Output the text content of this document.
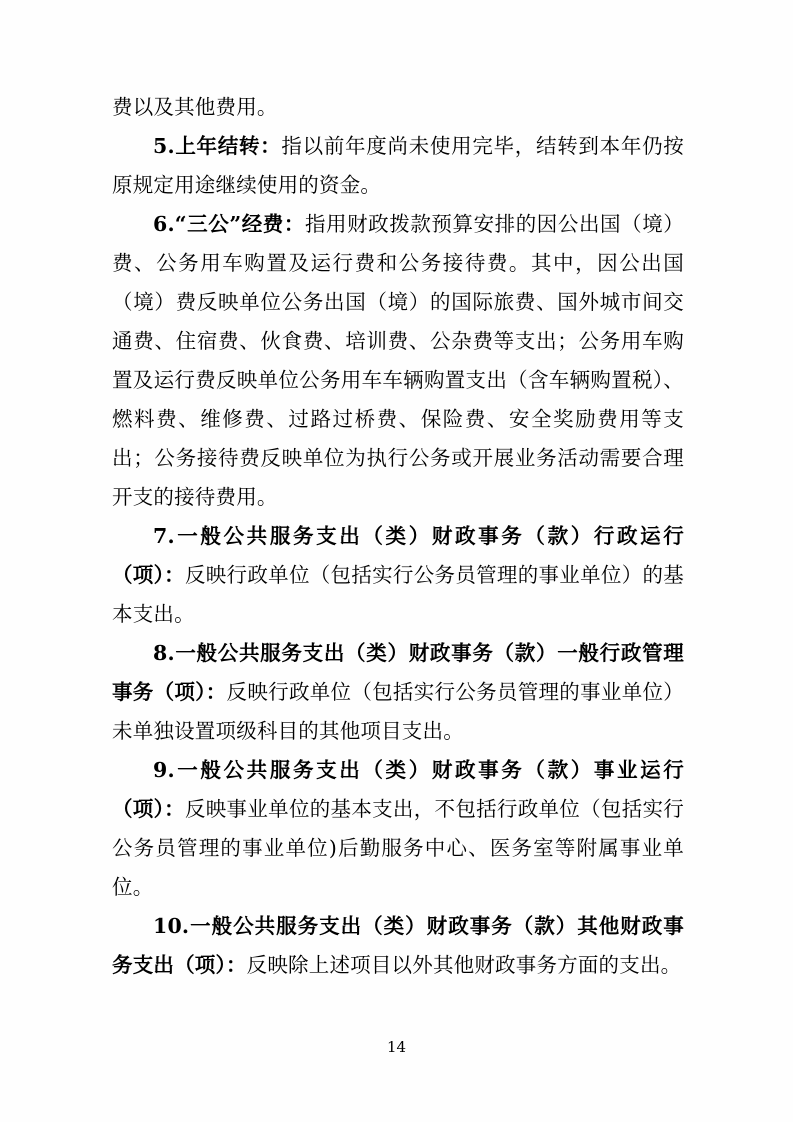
费以及其他费用。

5.上年结转：指以前年度尚未使用完毕，结转到本年仍按原规定用途继续使用的资金。

6.“三公”经费：指用财政拨款预算安排的因公出国（境）费、公务用车购置及运行费和公务接待费。其中，因公出国（境）费反映单位公务出国（境）的国际旅费、国外城市间交通费、住宿费、伙食费、培训费、公杂费等支出；公务用车购置及运行费反映单位公务用车车辆购置支出（含车辆购置税）、燃料费、维修费、过路过桥费、保险费、安全奖励费用等支出；公务接待费反映单位为执行公务或开展业务活动需要合理开支的接待费用。

7.一般公共服务支出（类）财政事务（款）行政运行（项）：反映行政单位（包括实行公务员管理的事业单位）的基本支出。

8.一般公共服务支出（类）财政事务（款）一般行政管理事务（项）：反映行政单位（包括实行公务员管理的事业单位）未单独设置项级科目的其他项目支出。

9.一般公共服务支出（类）财政事务（款）事业运行（项）：反映事业单位的基本支出，不包括行政单位（包括实行公务员管理的事业单位)后勤服务中心、医务室等附属事业单位。

10.一般公共服务支出（类）财政事务（款）其他财政事务支出（项）：反映除上述项目以外其他财政事务方面的支出。

14
